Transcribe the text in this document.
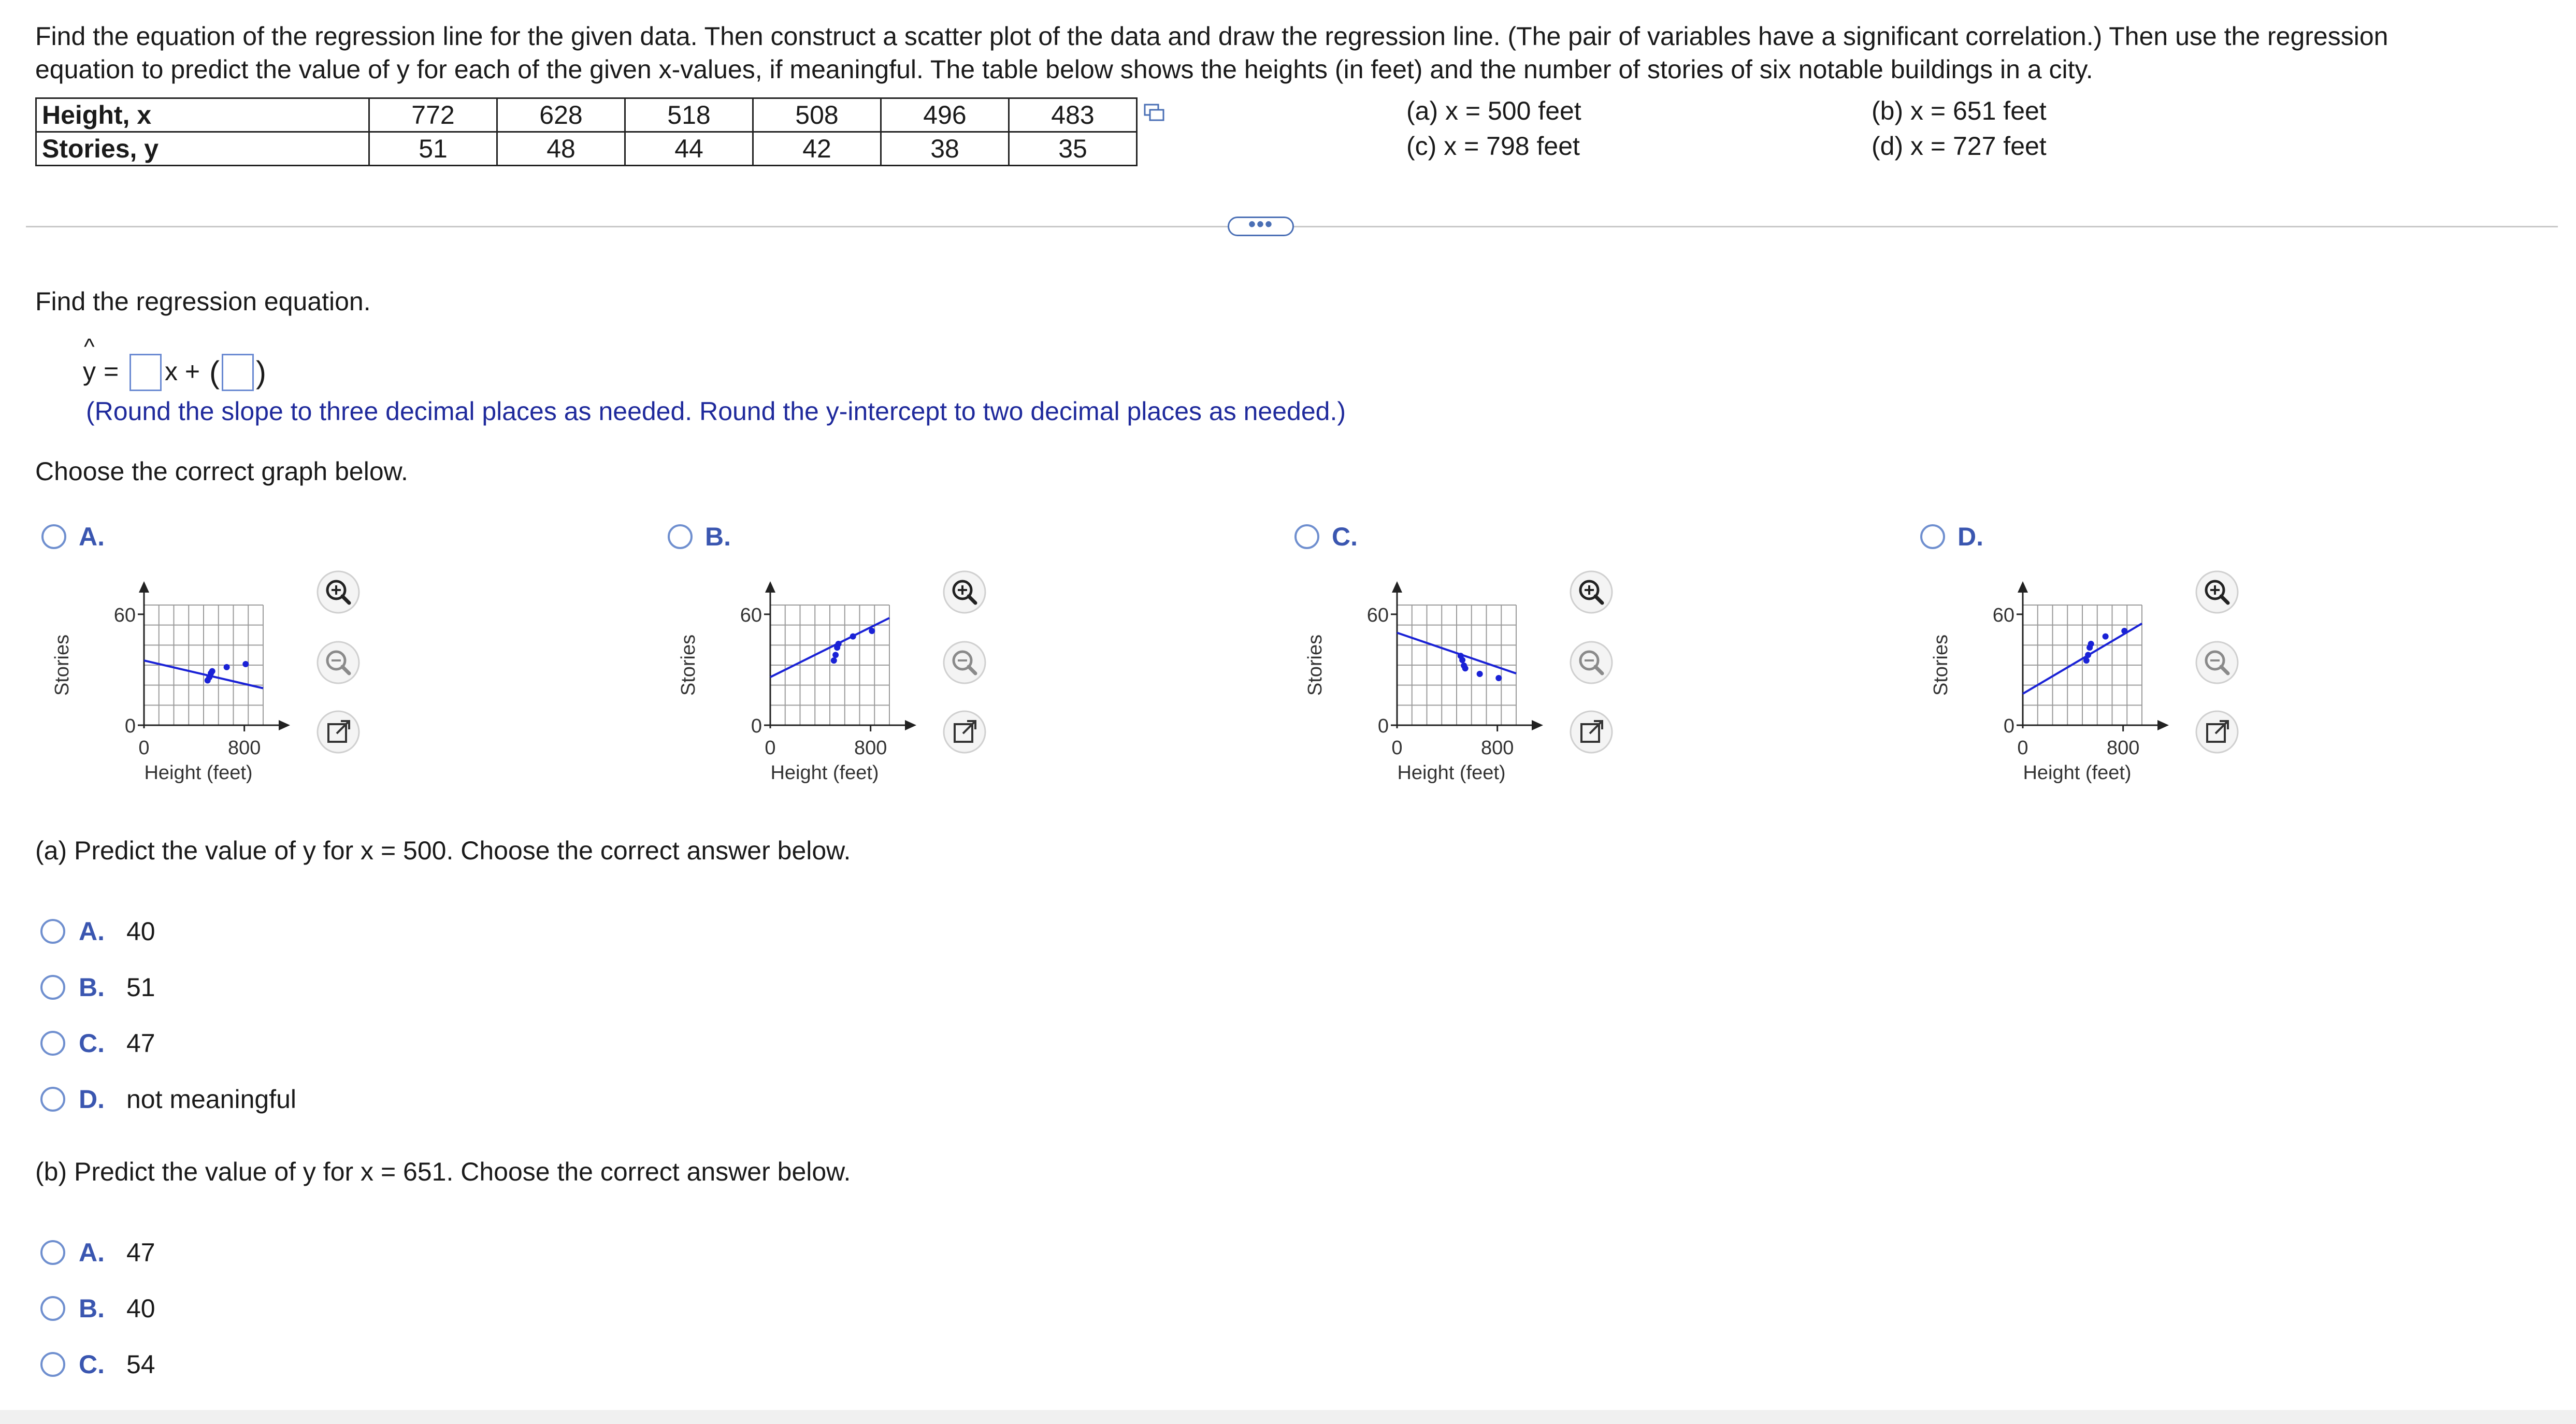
Find the equation of the regression line for the given data. Then construct a scatter plot of the data and draw the regression line. (The pair of variables have a significant correlation.) Then use the regression
equation to predict the value of y for each of the given x-values, if meaningful. The table below shows the heights (in feet) and the number of stories of six notable buildings in a city.
Height, x	772	628	518	508	496	483
Stories, y	51	48	44	42	38	35
(a) x = 500 feet	(b) x = 651 feet
(c) x = 798 feet	(d) x = 727 feet
•••
Find the regression equation.
^
y = x + ( )
(Round the slope to three decimal places as needed. Round the y-intercept to two decimal places as needed.)
Choose the correct graph below.
(a) Predict the value of y for x = 500. Choose the correct answer below.
(b) Predict the value of y for x = 651. Choose the correct answer below.
A.
60
0
0	800
Height (feet)
Stories
B.
60
0
0	800
Height (feet)
Stories
C.
60
0
0	800
Height (feet)
Stories
D.
60
0
0	800
Height (feet)
Stories
A. 40
B. 51
C. 47
D. not meaningful
A. 47
B. 40
C. 54
